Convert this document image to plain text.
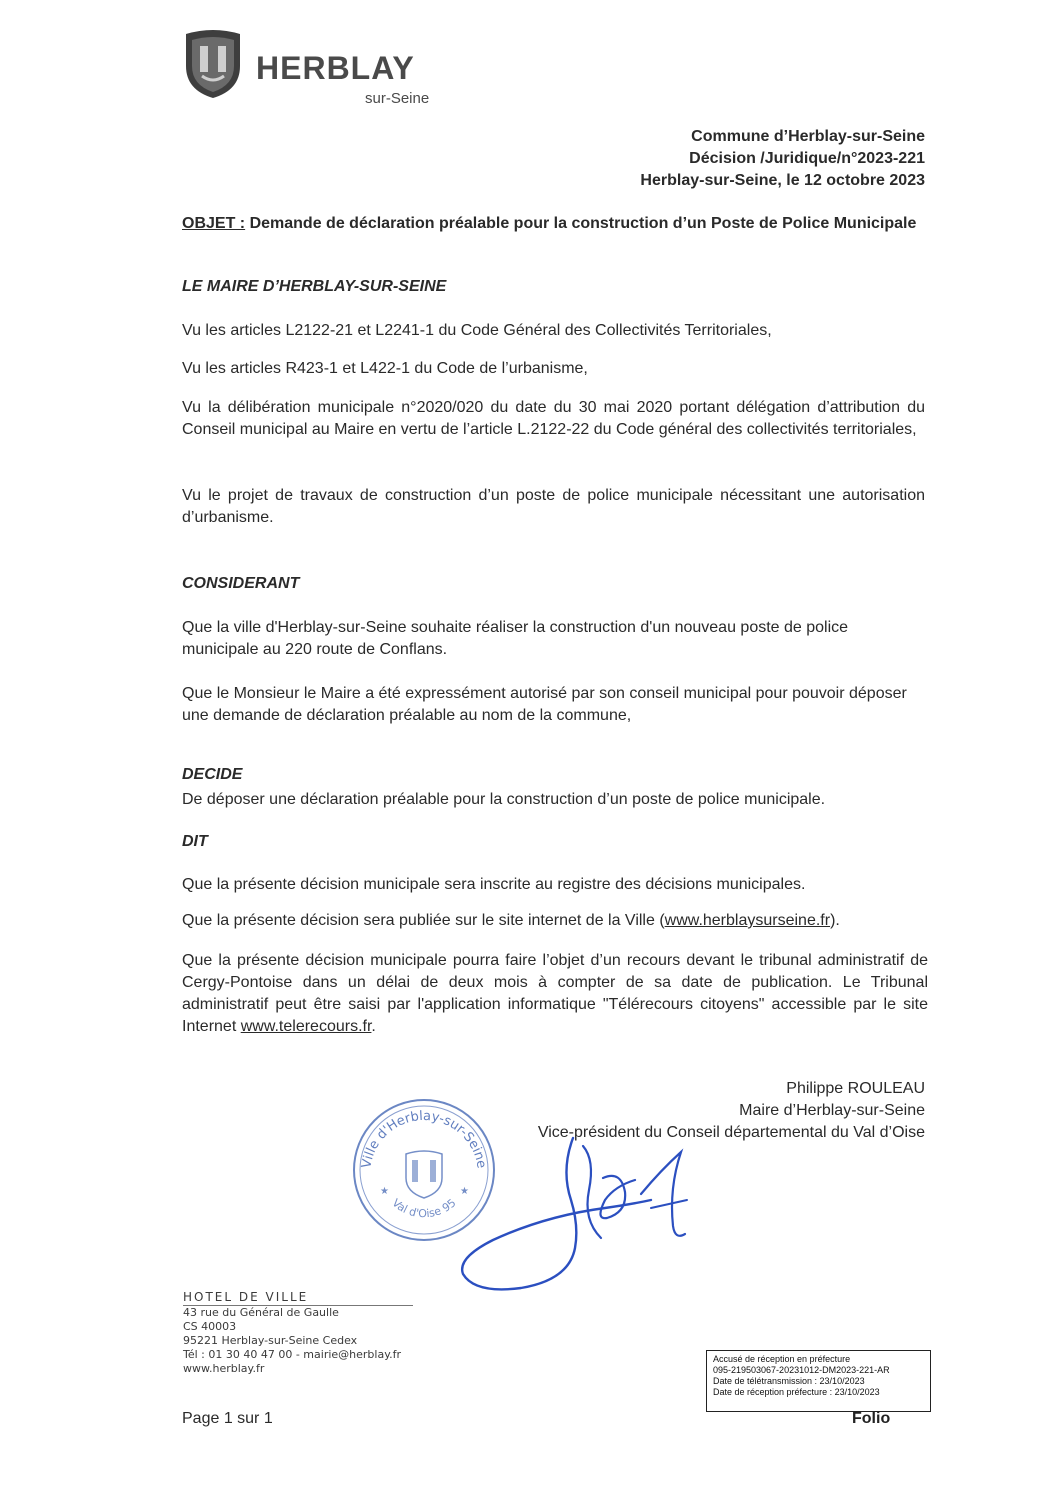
HERBLAY
sur-Seine
Commune d’Herblay-sur-Seine
Décision /Juridique/n°2023-221
Herblay-sur-Seine, le 12 octobre 2023
OBJET : Demande de déclaration préalable pour la construction d’un Poste de Police Municipale
LE MAIRE D’HERBLAY-SUR-SEINE
Vu les articles L2122-21 et L2241-1 du Code Général des Collectivités Territoriales,
Vu les articles R423-1 et L422-1 du Code de l’urbanisme,
Vu la délibération municipale n°2020/020 du date du 30 mai 2020 portant délégation d’attribution du Conseil municipal au Maire en vertu de l’article L.2122-22 du Code général des collectivités territoriales,
Vu le projet de travaux de construction d’un poste de police municipale nécessitant une autorisation d’urbanisme.
CONSIDERANT
Que la ville d'Herblay-sur-Seine souhaite réaliser la construction d'un nouveau poste de police municipale au 220 route de Conflans.
Que le Monsieur le Maire a été expressément autorisé par son conseil municipal pour pouvoir déposer une demande de déclaration préalable au nom de la commune,
DECIDE
De déposer une déclaration préalable pour la construction d’un poste de police municipale.
DIT
Que la présente décision municipale sera inscrite au registre des décisions municipales.
Que la présente décision sera publiée sur le site internet de la Ville (www.herblaysurseine.fr).
Que la présente décision municipale pourra faire l’objet d’un recours devant le tribunal administratif de Cergy-Pontoise dans un délai de deux mois à compter de sa date de publication. Le Tribunal administratif peut être saisi par l'application informatique "Télérecours citoyens" accessible par le site Internet www.telerecours.fr.
Philippe ROULEAU
Maire d’Herblay-sur-Seine
Vice-président du Conseil départemental du Val d’Oise
Ville d'Herblay-sur-Seine
Val d'Oise 95
★	★
HOTEL DE VILLE
43 rue du Général de Gaulle
CS 40003
95221 Herblay-sur-Seine Cedex
Tél : 01 30 40 47 00 - mairie@herblay.fr
www.herblay.fr
Accusé de réception en préfecture
095-219503067-20231012-DM2023-221-AR
Date de télétransmission : 23/10/2023
Date de réception préfecture : 23/10/2023
Page 1 sur 1	Folio
